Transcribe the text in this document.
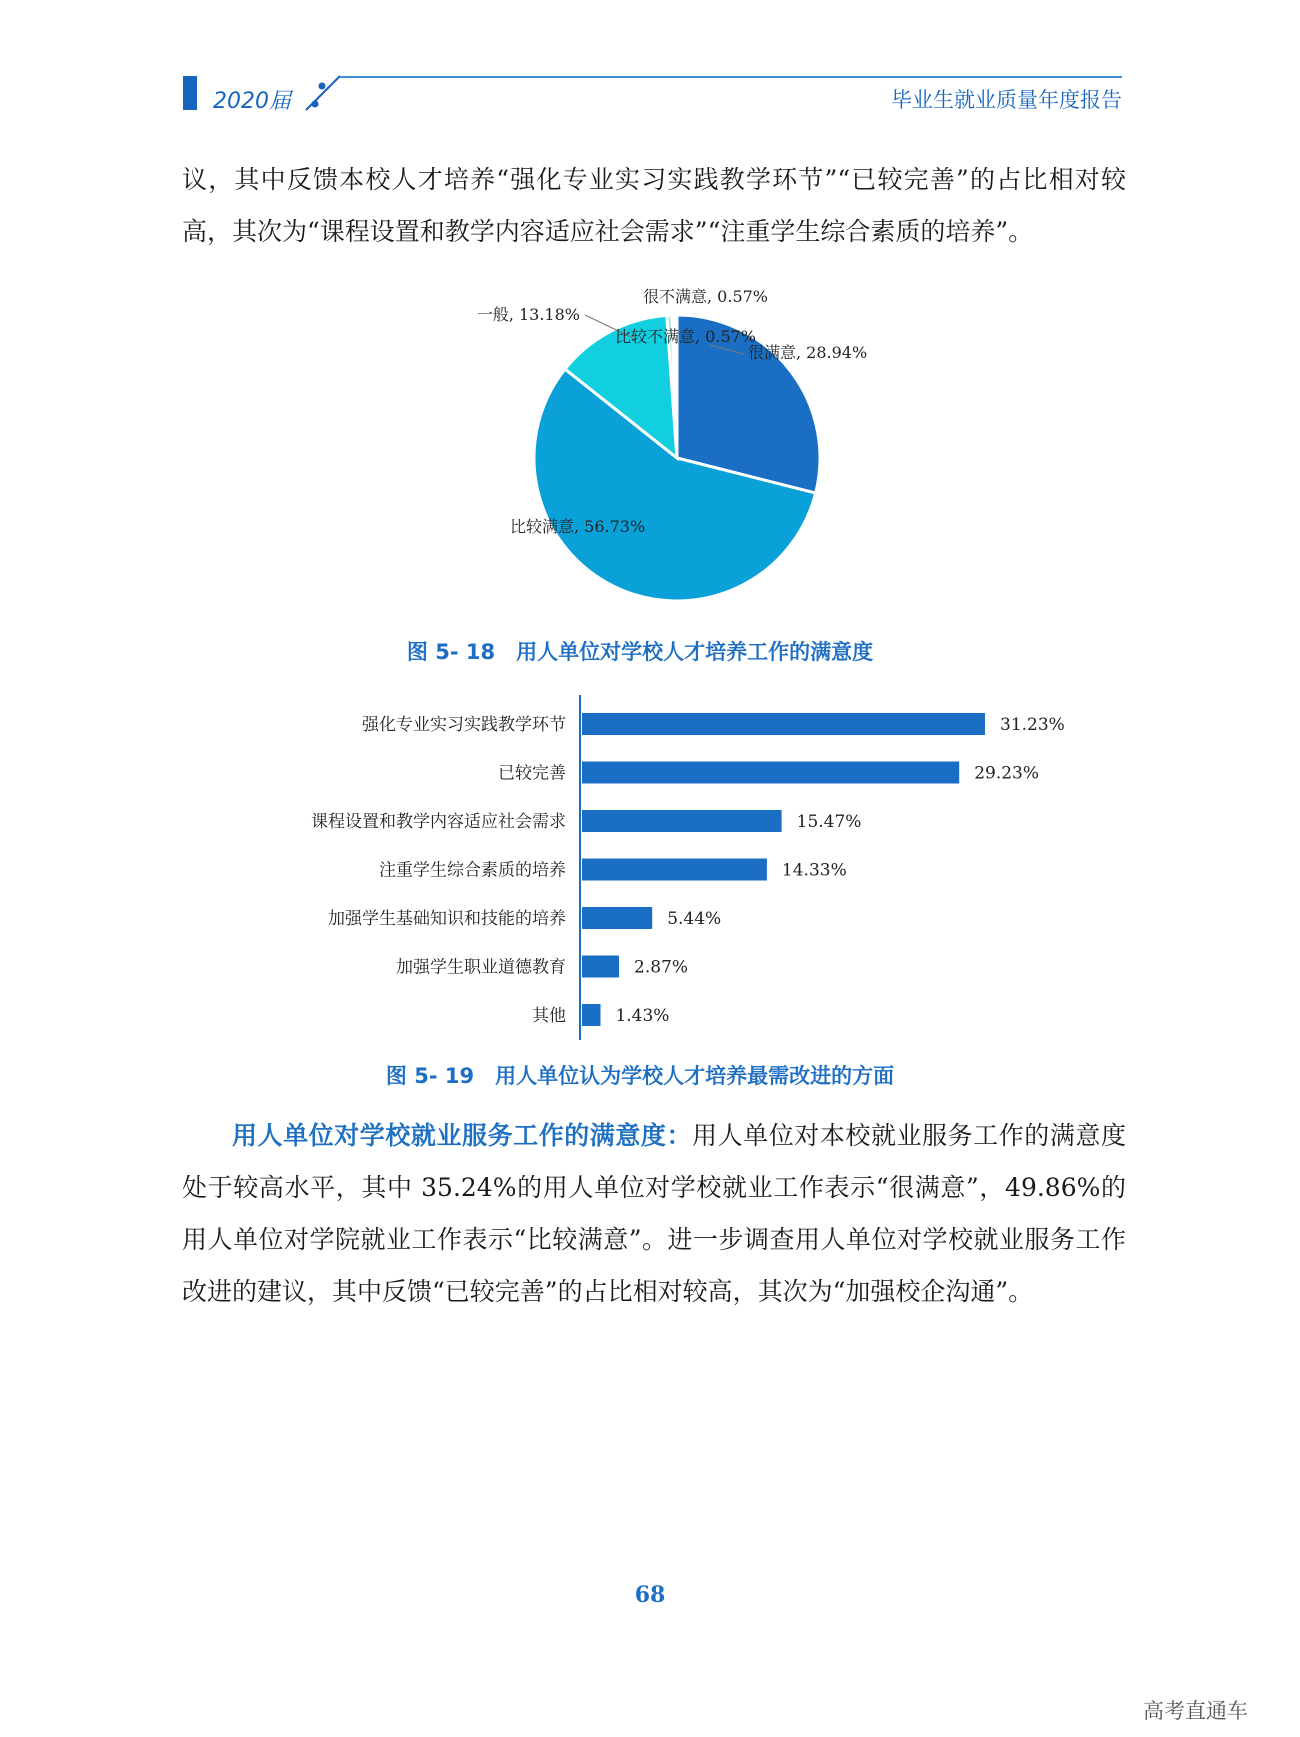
2020届	毕业生就业质量年度报告

议，其中反馈本校人才培养“强化专业实习实践教学环节”“已较完善”的占比相对较高，其次为“课程设置和教学内容适应社会需求”“注重学生综合素质的培养”。

很满意, 28.94%
比较满意, 56.73%
一般, 13.18%
比较不满意, 0.57%
很不满意, 0.57%
图 5- 18　用人单位对学校人才培养工作的满意度
强化专业实习实践教学环节	31.23%
已较完善	29.23%
课程设置和教学内容适应社会需求	15.47%
注重学生综合素质的培养	14.33%
加强学生基础知识和技能的培养	5.44%
加强学生职业道德教育	2.87%
其他	1.43%
图 5- 19　用人单位认为学校人才培养最需改进的方面

用人单位对学校就业服务工作的满意度：用人单位对本校就业服务工作的满意度处于较高水平，其中 35.24%的用人单位对学校就业工作表示“很满意”，49.86%的用人单位对学院就业工作表示“比较满意”。进一步调查用人单位对学校就业服务工作改进的建议，其中反馈“已较完善”的占比相对较高，其次为“加强校企沟通”。

68
高考直通车
